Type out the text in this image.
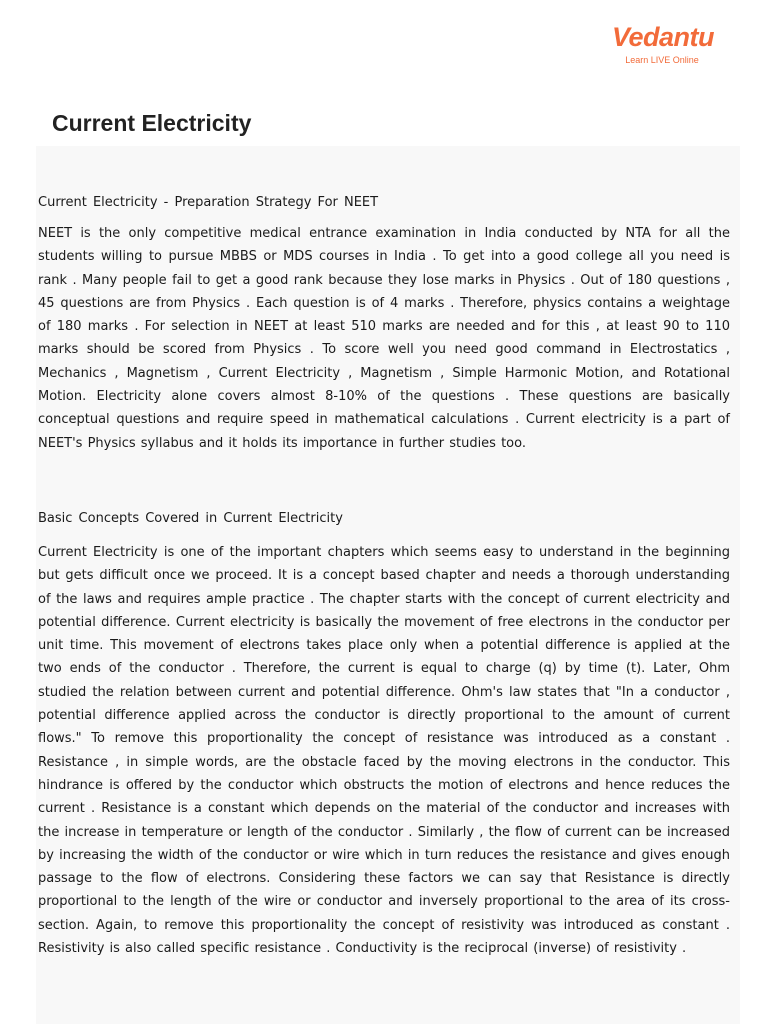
Vedantu
Learn LIVE Online
Current Electricity

Current Electricity - Preparation Strategy For NEET

NEET is the only competitive medical entrance examination in India conducted by NTA for all the students willing to pursue MBBS or MDS courses in India . To get into a good college all you need is rank . Many people fail to get a good rank because they lose marks in Physics . Out of 180 questions , 45 questions are from Physics . Each question is of 4 marks . Therefore, physics contains a weightage of 180 marks . For selection in NEET at least 510 marks are needed and for this , at least 90 to 110 marks should be scored from Physics . To score well you need good command in Electrostatics , Mechanics , Magnetism , Current Electricity , Magnetism , Simple Harmonic Motion, and Rotational Motion. Electricity alone covers almost 8-10% of the questions . These questions are basically conceptual questions and require speed in mathematical calculations . Current electricity is a part of NEET's Physics syllabus and it holds its importance in further studies too.

Basic Concepts Covered in Current Electricity

Current Electricity is one of the important chapters which seems easy to understand in the beginning but gets difficult once we proceed. It is a concept based chapter and needs a thorough understanding of the laws and requires ample practice . The chapter starts with the concept of current electricity and potential difference. Current electricity is basically the movement of free electrons in the conductor per unit time. This movement of electrons takes place only when a potential difference is applied at the two ends of the conductor . Therefore, the current is equal to charge (q) by time (t). Later, Ohm studied the relation between current and potential difference. Ohm's law states that "In a conductor , potential difference applied across the conductor is directly proportional to the amount of current flows." To remove this proportionality the concept of resistance was introduced as a constant . Resistance , in simple words, are the obstacle faced by the moving electrons in the conductor. This hindrance is offered by the conductor which obstructs the motion of electrons and hence reduces the current . Resistance is a constant which depends on the material of the conductor and increases with the increase in temperature or length of the conductor . Similarly , the flow of current can be increased by increasing the width of the conductor or wire which in turn reduces the resistance and gives enough passage to the flow of electrons. Considering these factors we can say that Resistance is directly proportional to the length of the wire or conductor and inversely proportional to the area of its cross-section. Again, to remove this proportionality the concept of resistivity was introduced as constant . Resistivity is also called specific resistance . Conductivity is the reciprocal (inverse) of resistivity .
